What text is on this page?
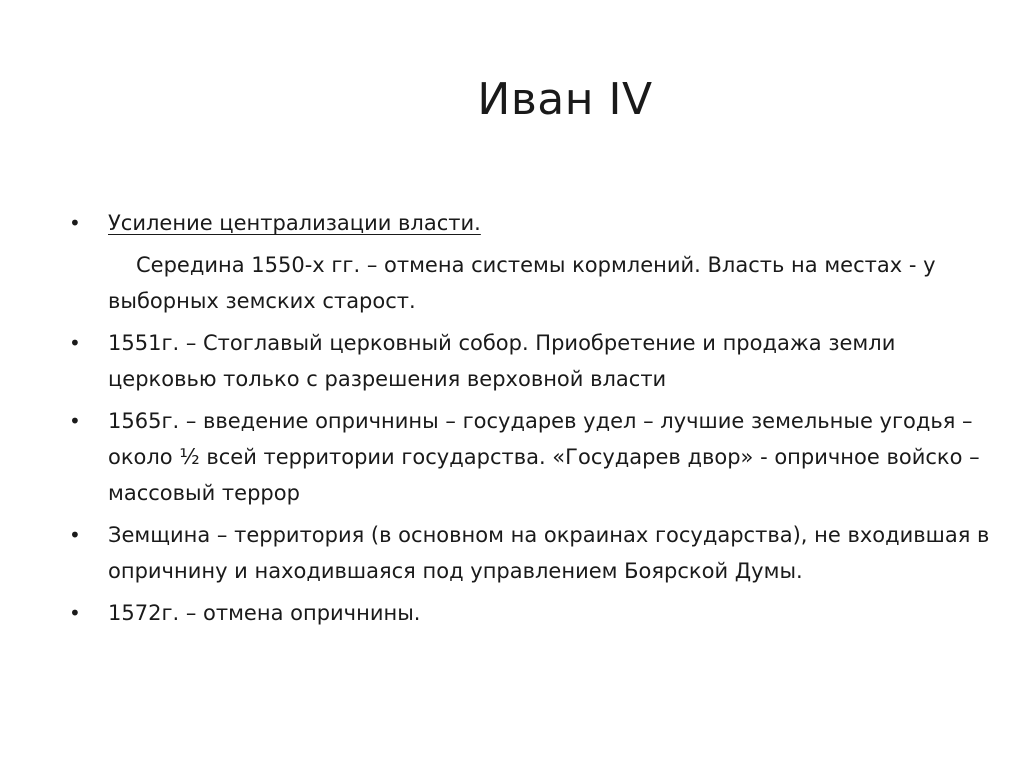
Иван IV
• Усиление централизации власти.
Середина 1550-х гг. – отмена системы кормлений. Власть на местах - у выборных земских старост.
• 1551г. – Стоглавый церковный собор. Приобретение и продажа земли церковью только с разрешения верховной власти
• 1565г. – введение опричнины – государев удел – лучшие земельные угодья – около ½ всей территории государства. «Государев двор» - опричное войско – массовый террор
• Земщина – территория (в основном на окраинах государства), не входившая в опричнину и находившаяся под управлением Боярской Думы.
• 1572г. – отмена опричнины.
